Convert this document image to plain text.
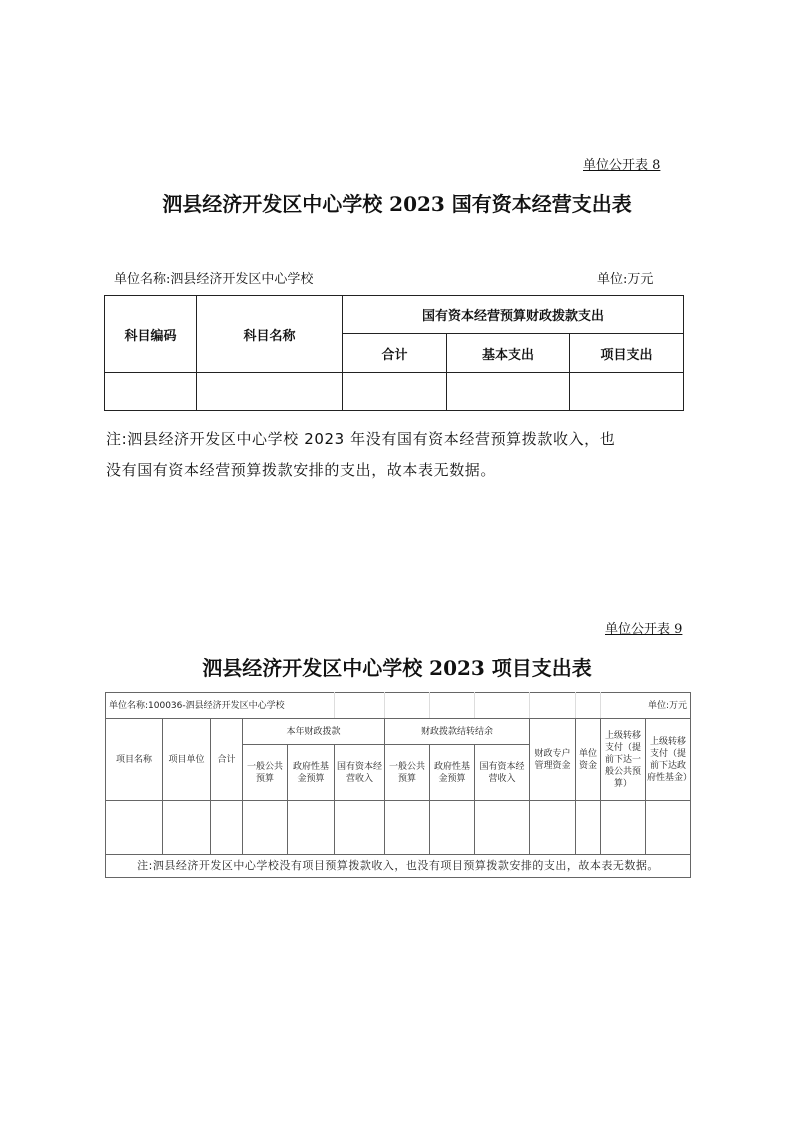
单位公开表 8
泗县经济开发区中心学校 2023 国有资本经营支出表
单位名称:泗县经济开发区中心学校	单位:万元
科目编码	科目名称	国有资本经营预算财政拨款支出		
		合计	基本支出	项目支出

注:泗县经济开发区中心学校 2023 年没有国有资本经营预算拨款收入，也
没有国有资本经营预算拨款安排的支出，故本表无数据。
单位公开表 9
泗县经济开发区中心学校 2023 项目支出表
单位名称:100036-泗县经济开发区中心学校											单位:万元	
项目名称	项目单位	合计	本年财政拨款			财政拨款结转结余			财政专户管理资金	单位资金	上级转移支付（提前下达一般公共预算）	上级转移支付（提前下达政府性基金）
			一般公共预算	政府性基金预算	国有资本经营收入	一般公共预算	政府性基金预算	国有资本经营收入				

注:泗县经济开发区中心学校没有项目预算拨款收入，也没有项目预算拨款安排的支出，故本表无数据。												
